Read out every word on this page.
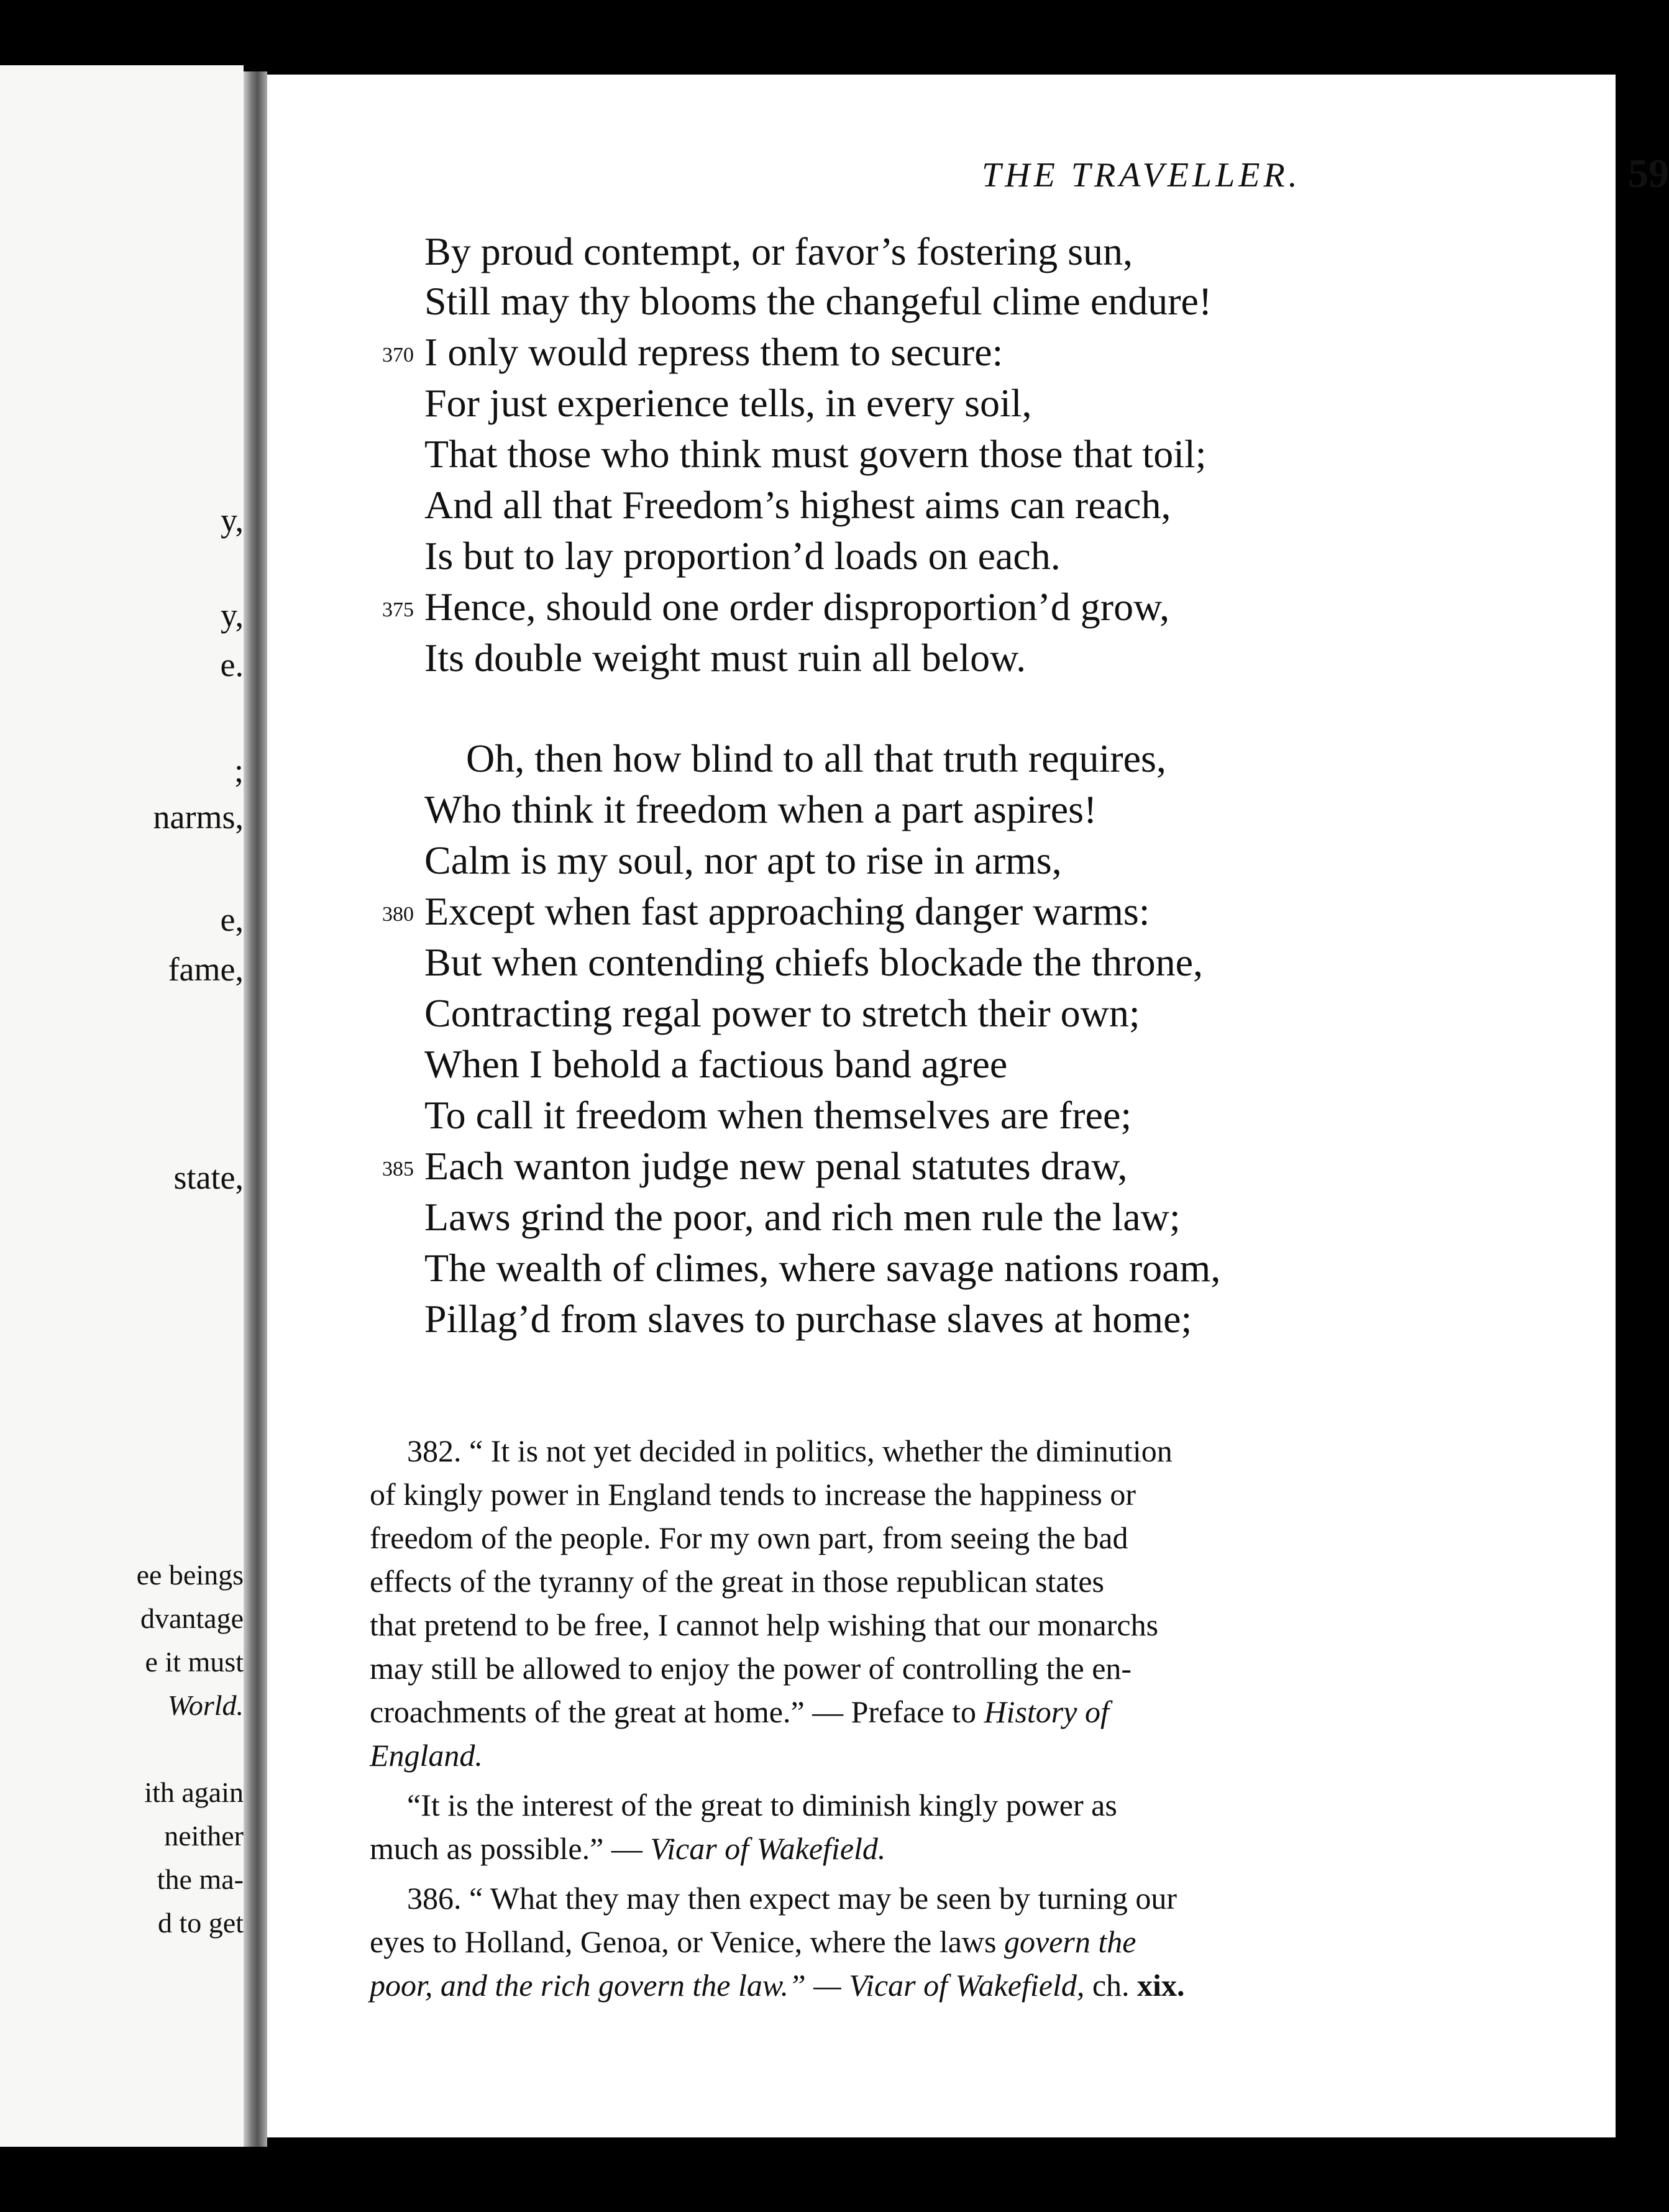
y,
y,
e.
;
narms,
e,
fame,
state,
ee beings
dvantage
e it must
World.
ith again
neither
the ma-
d to get
THE TRAVELLER.	59
By proud contempt, or favor’s fostering sun,
Still may thy blooms the changeful clime endure!
370 I only would repress them to secure:
For just experience tells, in every soil,
That those who think must govern those that toil;
And all that Freedom’s highest aims can reach,
Is but to lay proportion’d loads on each.
375 Hence, should one order disproportion’d grow,
Its double weight must ruin all below.
Oh, then how blind to all that truth requires,
Who think it freedom when a part aspires!
Calm is my soul, nor apt to rise in arms,
380 Except when fast approaching danger warms:
But when contending chiefs blockade the throne,
Contracting regal power to stretch their own;
When I behold a factious band agree
To call it freedom when themselves are free;
385 Each wanton judge new penal statutes draw,
Laws grind the poor, and rich men rule the law;
The wealth of climes, where savage nations roam,
Pillag’d from slaves to purchase slaves at home;
382. “ It is not yet decided in politics, whether the diminution
of kingly power in England tends to increase the happiness or
freedom of the people. For my own part, from seeing the bad
effects of the tyranny of the great in those republican states
that pretend to be free, I cannot help wishing that our monarchs
may still be allowed to enjoy the power of controlling the en-
croachments of the great at home.” — Preface to History of
England.
“It is the interest of the great to diminish kingly power as
much as possible.” — Vicar of Wakefield.
386. “ What they may then expect may be seen by turning our
eyes to Holland, Genoa, or Venice, where the laws govern the
poor, and the rich govern the law.” — Vicar of Wakefield, ch. xix.
